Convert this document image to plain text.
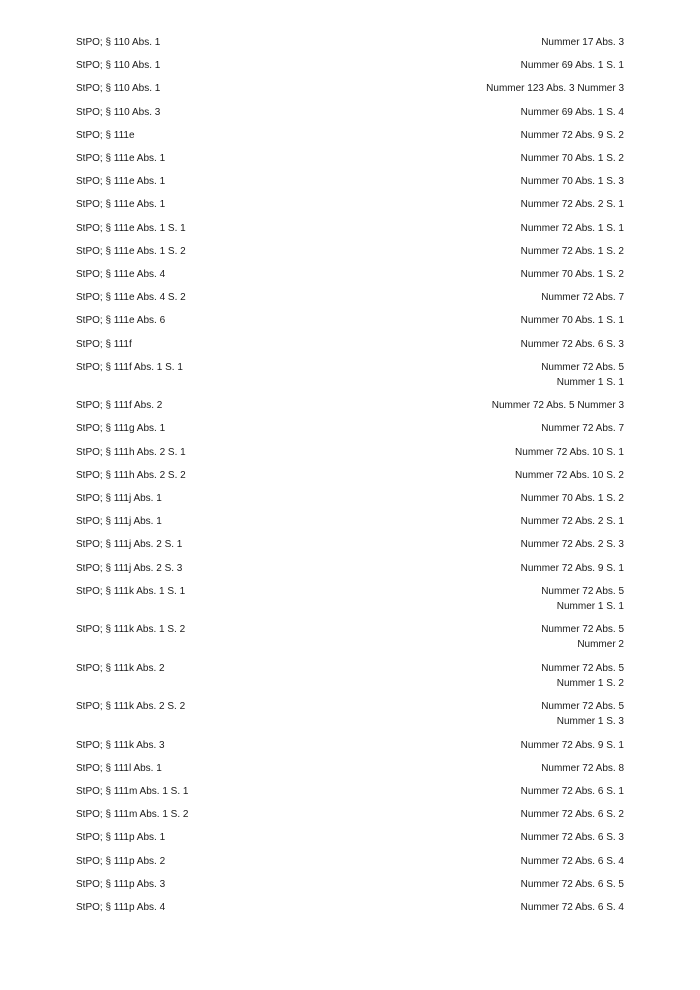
StPO; § 110 Abs. 1	Nummer 17 Abs. 3
StPO; § 110 Abs. 1	Nummer 69 Abs. 1 S. 1
StPO; § 110 Abs. 1	Nummer 123 Abs. 3 Nummer 3
StPO; § 110 Abs. 3	Nummer 69 Abs. 1 S. 4
StPO; § 111e	Nummer 72 Abs. 9 S. 2
StPO; § 111e Abs. 1	Nummer 70 Abs. 1 S. 2
StPO; § 111e Abs. 1	Nummer 70 Abs. 1 S. 3
StPO; § 111e Abs. 1	Nummer 72 Abs. 2 S. 1
StPO; § 111e Abs. 1 S. 1	Nummer 72 Abs. 1 S. 1
StPO; § 111e Abs. 1 S. 2	Nummer 72 Abs. 1 S. 2
StPO; § 111e Abs. 4	Nummer 70 Abs. 1 S. 2
StPO; § 111e Abs. 4 S. 2	Nummer 72 Abs. 7
StPO; § 111e Abs. 6	Nummer 70 Abs. 1 S. 1
StPO; § 111f	Nummer 72 Abs. 6 S. 3
StPO; § 111f Abs. 1 S. 1	Nummer 72 Abs. 5
Nummer 1 S. 1
StPO; § 111f Abs. 2	Nummer 72 Abs. 5 Nummer 3
StPO; § 111g Abs. 1	Nummer 72 Abs. 7
StPO; § 111h Abs. 2 S. 1	Nummer 72 Abs. 10 S. 1
StPO; § 111h Abs. 2 S. 2	Nummer 72 Abs. 10 S. 2
StPO; § 111j Abs. 1	Nummer 70 Abs. 1 S. 2
StPO; § 111j Abs. 1	Nummer 72 Abs. 2 S. 1
StPO; § 111j Abs. 2 S. 1	Nummer 72 Abs. 2 S. 3
StPO; § 111j Abs. 2 S. 3	Nummer 72 Abs. 9 S. 1
StPO; § 111k Abs. 1 S. 1	Nummer 72 Abs. 5
Nummer 1 S. 1
StPO; § 111k Abs. 1 S. 2	Nummer 72 Abs. 5
Nummer 2
StPO; § 111k Abs. 2	Nummer 72 Abs. 5
Nummer 1 S. 2
StPO; § 111k Abs. 2 S. 2	Nummer 72 Abs. 5
Nummer 1 S. 3
StPO; § 111k Abs. 3	Nummer 72 Abs. 9 S. 1
StPO; § 111l Abs. 1	Nummer 72 Abs. 8
StPO; § 111m Abs. 1 S. 1	Nummer 72 Abs. 6 S. 1
StPO; § 111m Abs. 1 S. 2	Nummer 72 Abs. 6 S. 2
StPO; § 111p Abs. 1	Nummer 72 Abs. 6 S. 3
StPO; § 111p Abs. 2	Nummer 72 Abs. 6 S. 4
StPO; § 111p Abs. 3	Nummer 72 Abs. 6 S. 5
StPO; § 111p Abs. 4	Nummer 72 Abs. 6 S. 4
